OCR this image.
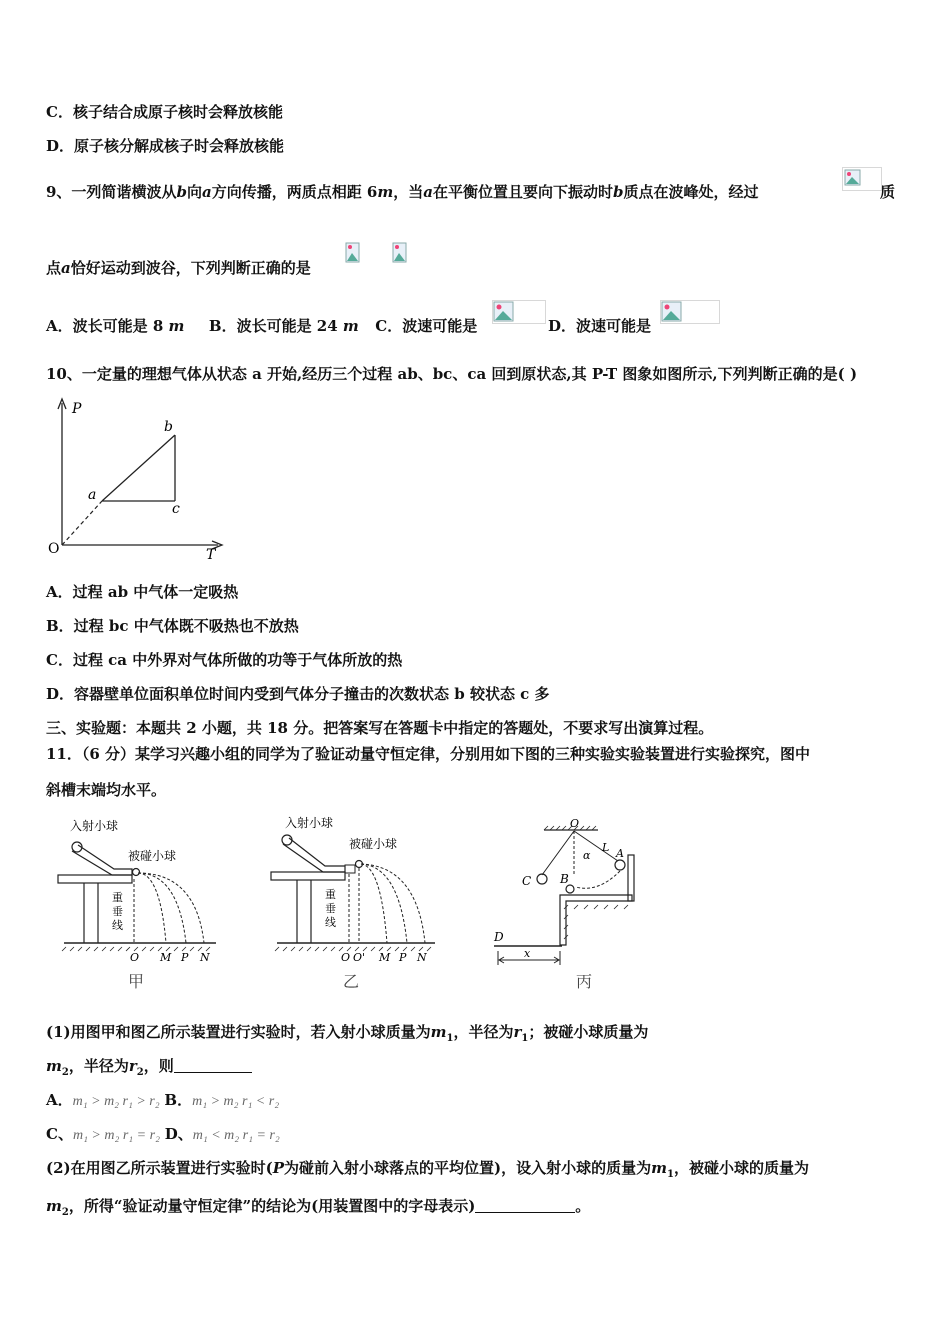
C．核子结合成原子核时会释放核能
D．原子核分解成核子时会释放核能
9、一列简谐横波从b向a方向传播，两质点相距 6m，当a在平衡位置且要向下振动时b质点在波峰处，经过	质
点a恰好运动到波谷，下列判断正确的是
A．波长可能是 8 m B．波长可能是 24 m C．波速可能是	D．波速可能是
10、一定量的理想气体从状态 a 开始,经历三个过程 ab、bc、ca 回到原状态,其 P-T 图象如图所示,下列判断正确的是( )
P
T
O
a
b
c
A．过程 ab 中气体一定吸热
B．过程 bc 中气体既不吸热也不放热
C．过程 ca 中外界对气体所做的功等于气体所放的热
D．容器壁单位面积单位时间内受到气体分子撞击的次数状态 b 较状态 c 多
三、实验题：本题共 2 小题，共 18 分。把答案写在答题卡中指定的答题处，不要求写出演算过程。
11．（6 分）某学习兴趣小组的同学为了验证动量守恒定律，分别用如下图的三种实验实验装置进行实验探究，图中
斜槽末端均水平。
入射小球
被碰小球
重
垂
线
O M P N
甲
入射小球
被碰小球
重
垂
线
O O' M P N
乙
O
α
L A
C B
D
x
丙
(1)用图甲和图乙所示装置进行实验时，若入射小球质量为$m_1$，半径为$r_1$；被碰小球质量为
$m_2$，半径为$r_2$，则
A．m₁ > m₂ r₁ > r₂ B．m₁ > m₂ r₁ < r₂
C、m₁ > m₂ r₁ = r₂ D、m₁ < m₂ r₁ = r₂
(2)在用图乙所示装置进行实验时(P为碰前入射小球落点的平均位置)，设入射小球的质量为$m_1$，被碰小球的质量为
$m_2$，所得“验证动量守恒定律”的结论为(用装置图中的字母表示)	。
